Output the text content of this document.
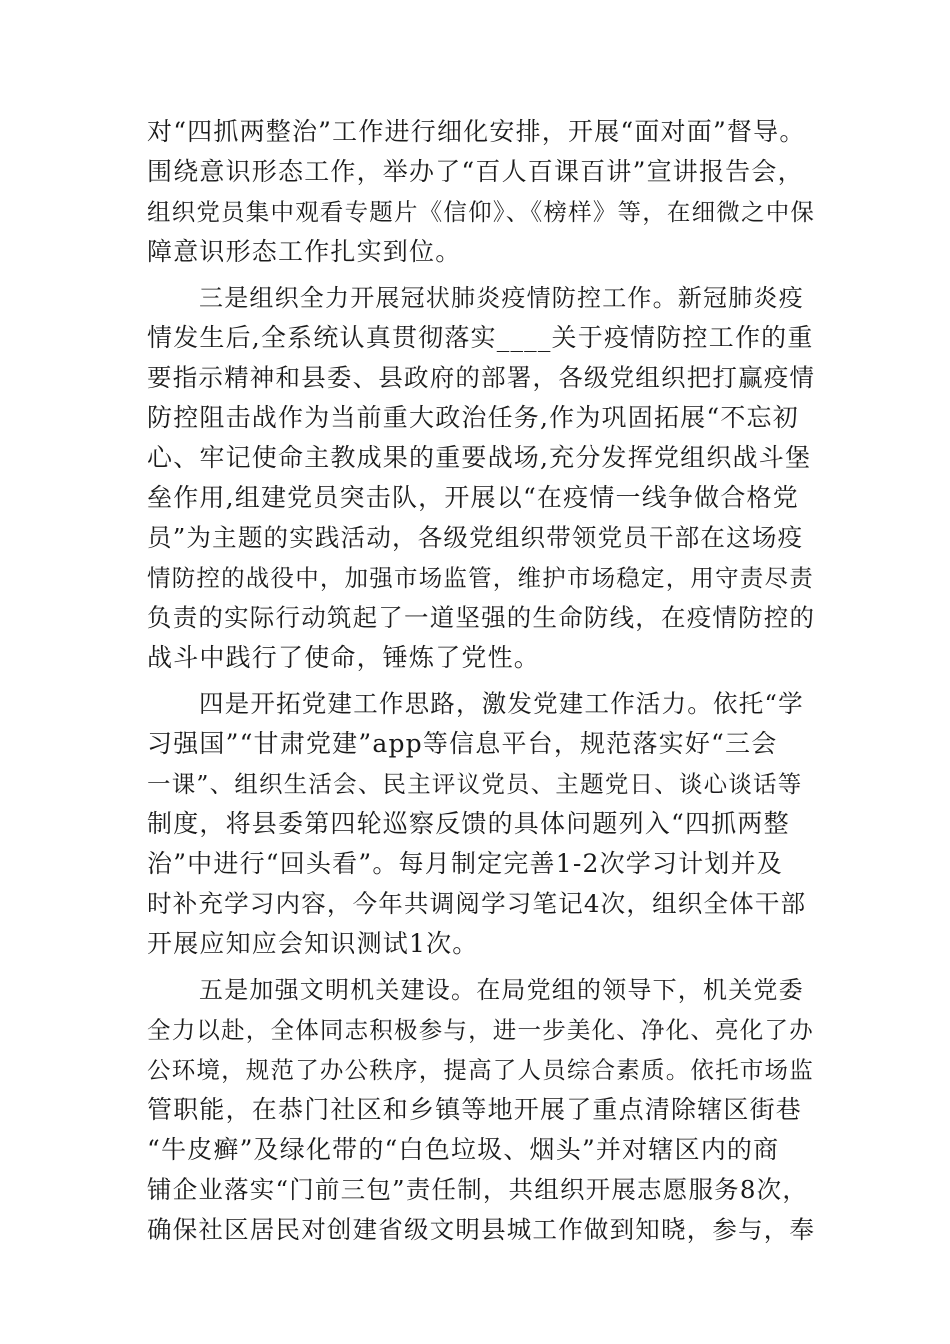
对“四抓两整治”工作进行细化安排，开展“面对面”督导。
围绕意识形态工作，举办了“百人百课百讲”宣讲报告会，
组织党员集中观看专题片《信仰》、《榜样》等，在细微之中保
障意识形态工作扎实到位。
三是组织全力开展冠状肺炎疫情防控工作。新冠肺炎疫
情发生后,全系统认真贯彻落实____关于疫情防控工作的重
要指示精神和县委、县政府的部署，各级党组织把打赢疫情
防控阻击战作为当前重大政治任务,作为巩固拓展“不忘初
心、牢记使命主教成果的重要战场,充分发挥党组织战斗堡
垒作用,组建党员突击队，开展以“在疫情一线争做合格党
员”为主题的实践活动，各级党组织带领党员干部在这场疫
情防控的战役中，加强市场监管，维护市场稳定，用守责尽责
负责的实际行动筑起了一道坚强的生命防线，在疫情防控的
战斗中践行了使命，锤炼了党性。
四是开拓党建工作思路，激发党建工作活力。依托“学
习强国”“甘肃党建”app等信息平台，规范落实好“三会
一课”、组织生活会、民主评议党员、主题党日、谈心谈话等
制度，将县委第四轮巡察反馈的具体问题列入“四抓两整
治”中进行“回头看”。每月制定完善1-2次学习计划并及
时补充学习内容，今年共调阅学习笔记4次，组织全体干部
开展应知应会知识测试1次。
五是加强文明机关建设。在局党组的领导下，机关党委
全力以赴，全体同志积极参与，进一步美化、净化、亮化了办
公环境，规范了办公秩序，提高了人员综合素质。依托市场监
管职能，在恭门社区和乡镇等地开展了重点清除辖区街巷
“牛皮癣”及绿化带的“白色垃圾、烟头”并对辖区内的商
铺企业落实“门前三包”责任制，共组织开展志愿服务8次，
确保社区居民对创建省级文明县城工作做到知晓，参与，奉
